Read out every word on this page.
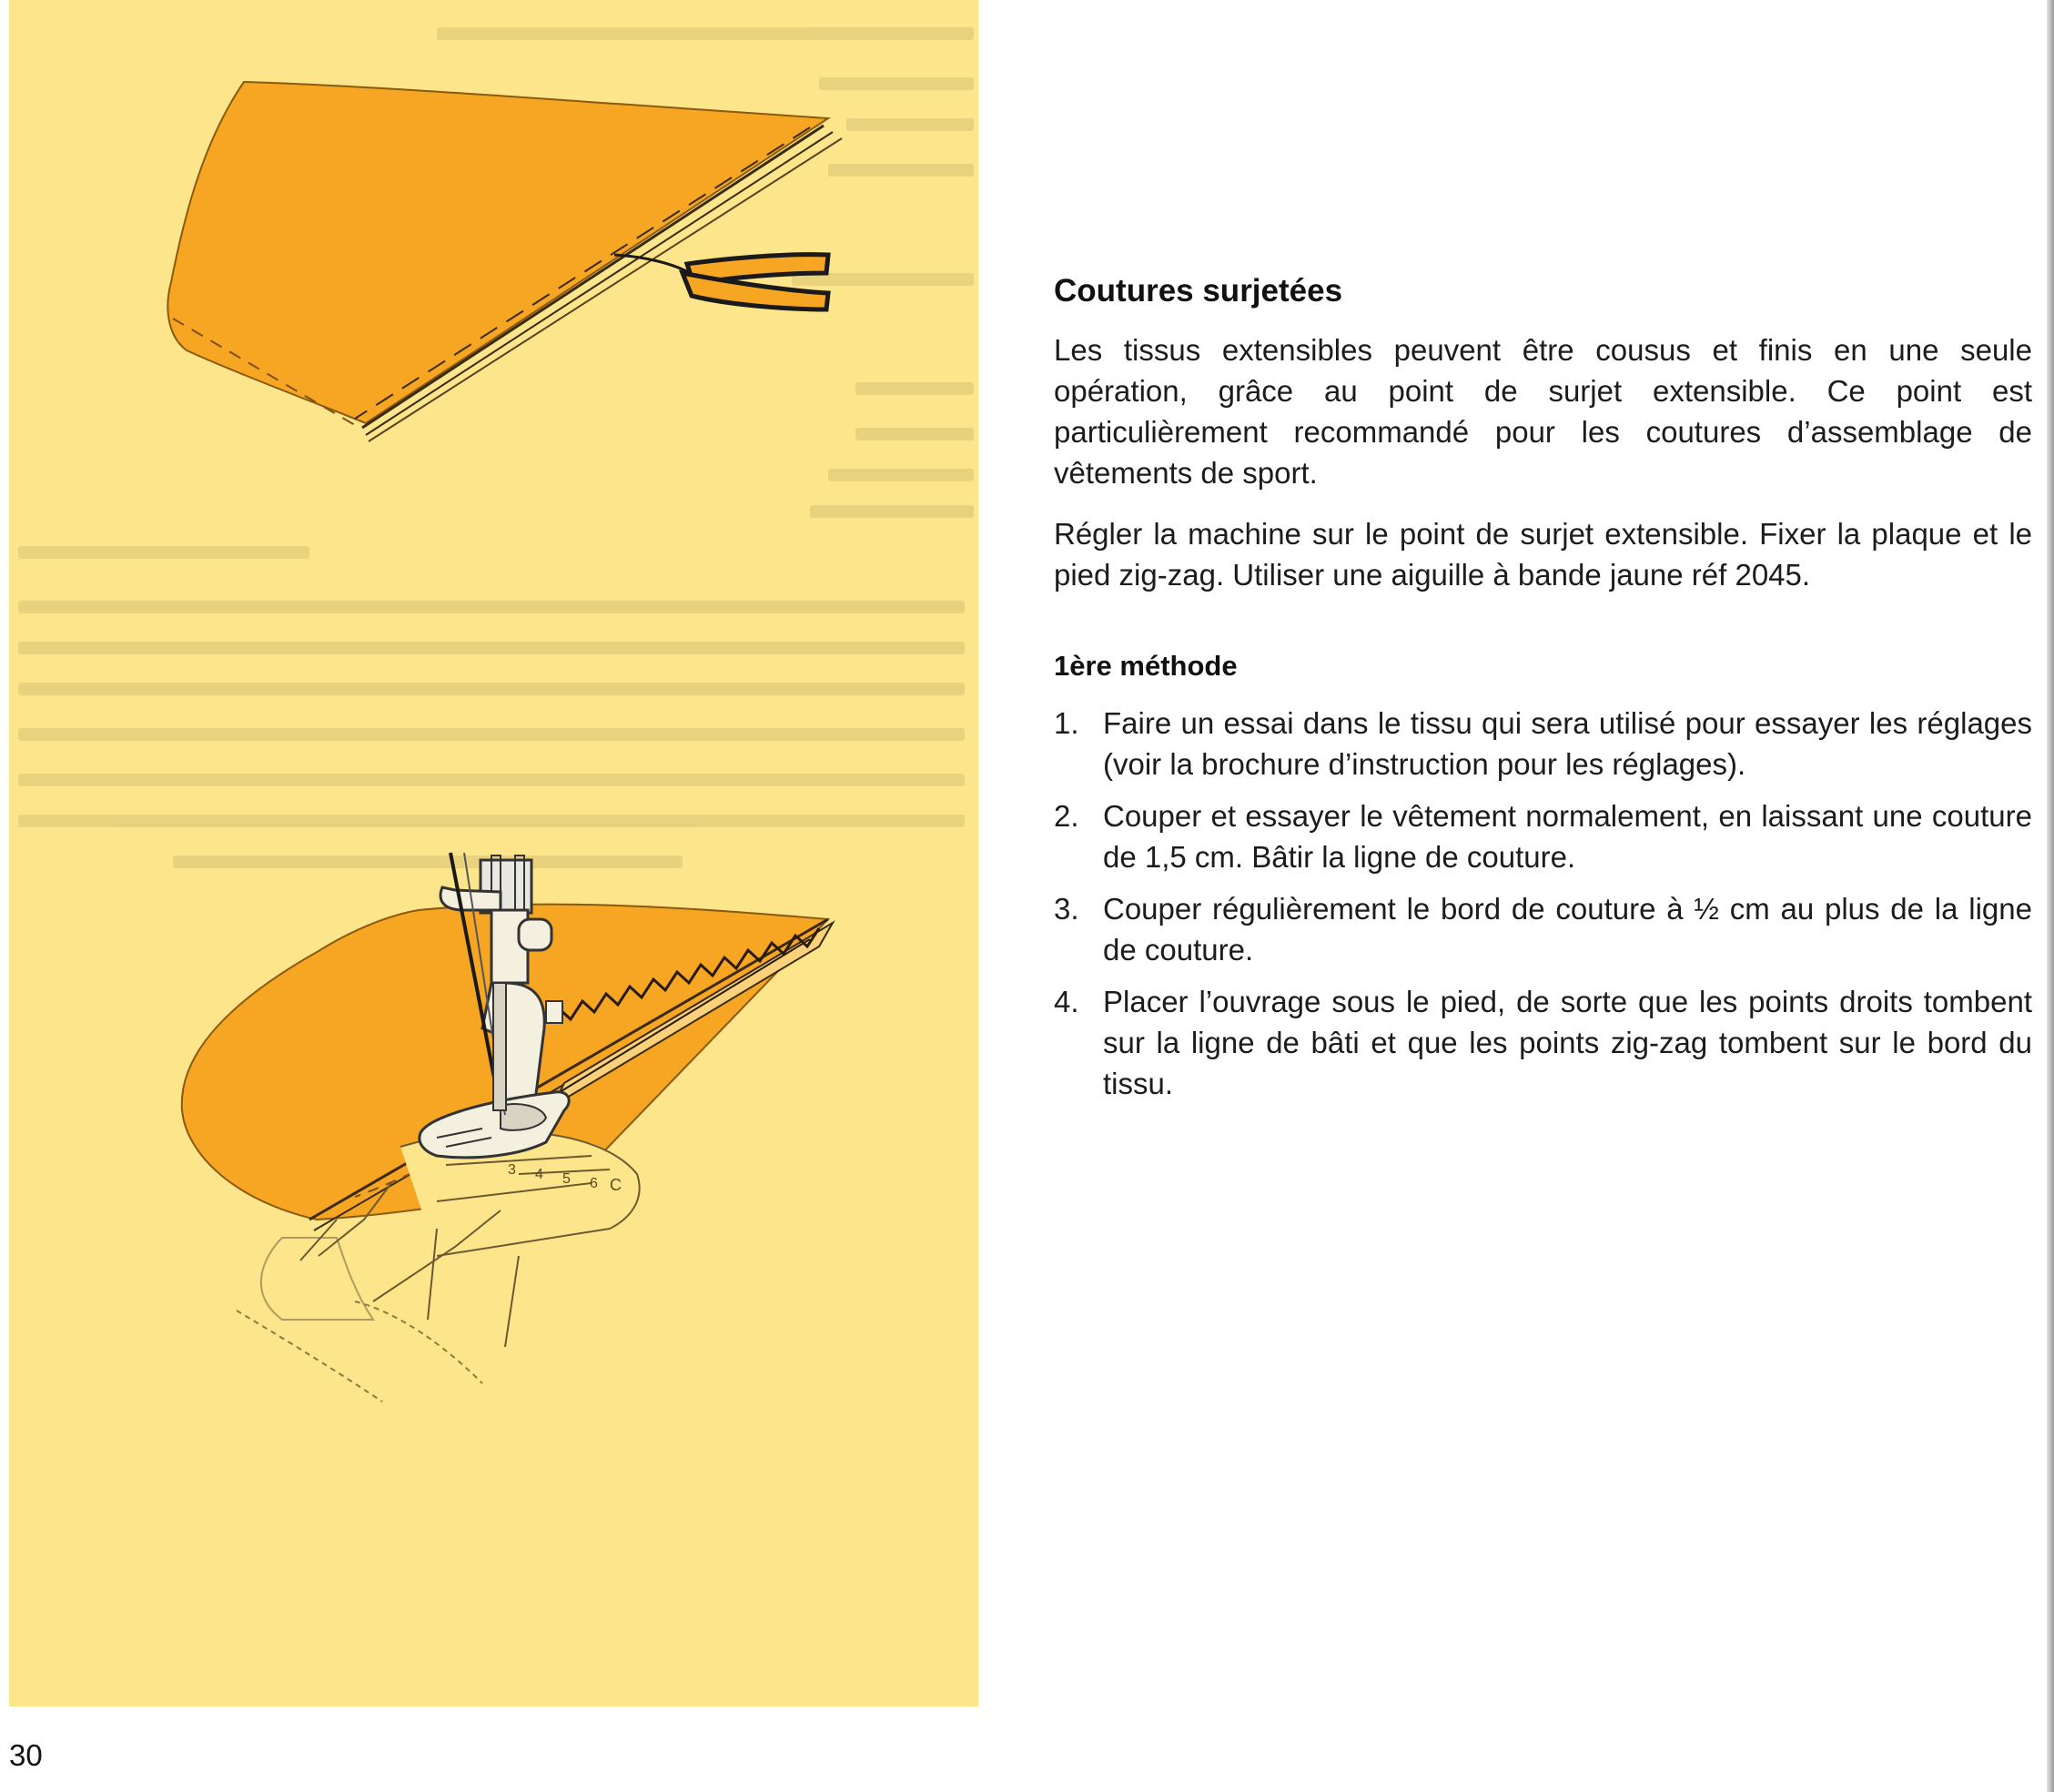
3 4 5 6 C
Coutures surjetées

Les tissus extensibles peuvent être cousus et finis en une seule opération, grâce au point de surjet extensible. Ce point est particulièrement recommandé pour les coutures d’assemblage de vêtements de sport.

Régler la machine sur le point de surjet extensible. Fixer la plaque et le pied zig-zag. Utiliser une aiguille à bande jaune réf 2045.

1ère méthode
1. Faire un essai dans le tissu qui sera utilisé pour essayer les réglages (voir la brochure d’instruction pour les réglages).
2. Couper et essayer le vêtement normalement, en laissant une couture de 1,5 cm. Bâtir la ligne de couture.
3. Couper régulièrement le bord de couture à ½ cm au plus de la ligne de couture.
4. Placer l’ouvrage sous le pied, de sorte que les points droits tombent sur la ligne de bâti et que les points zig-zag tombent sur le bord du tissu.
30
